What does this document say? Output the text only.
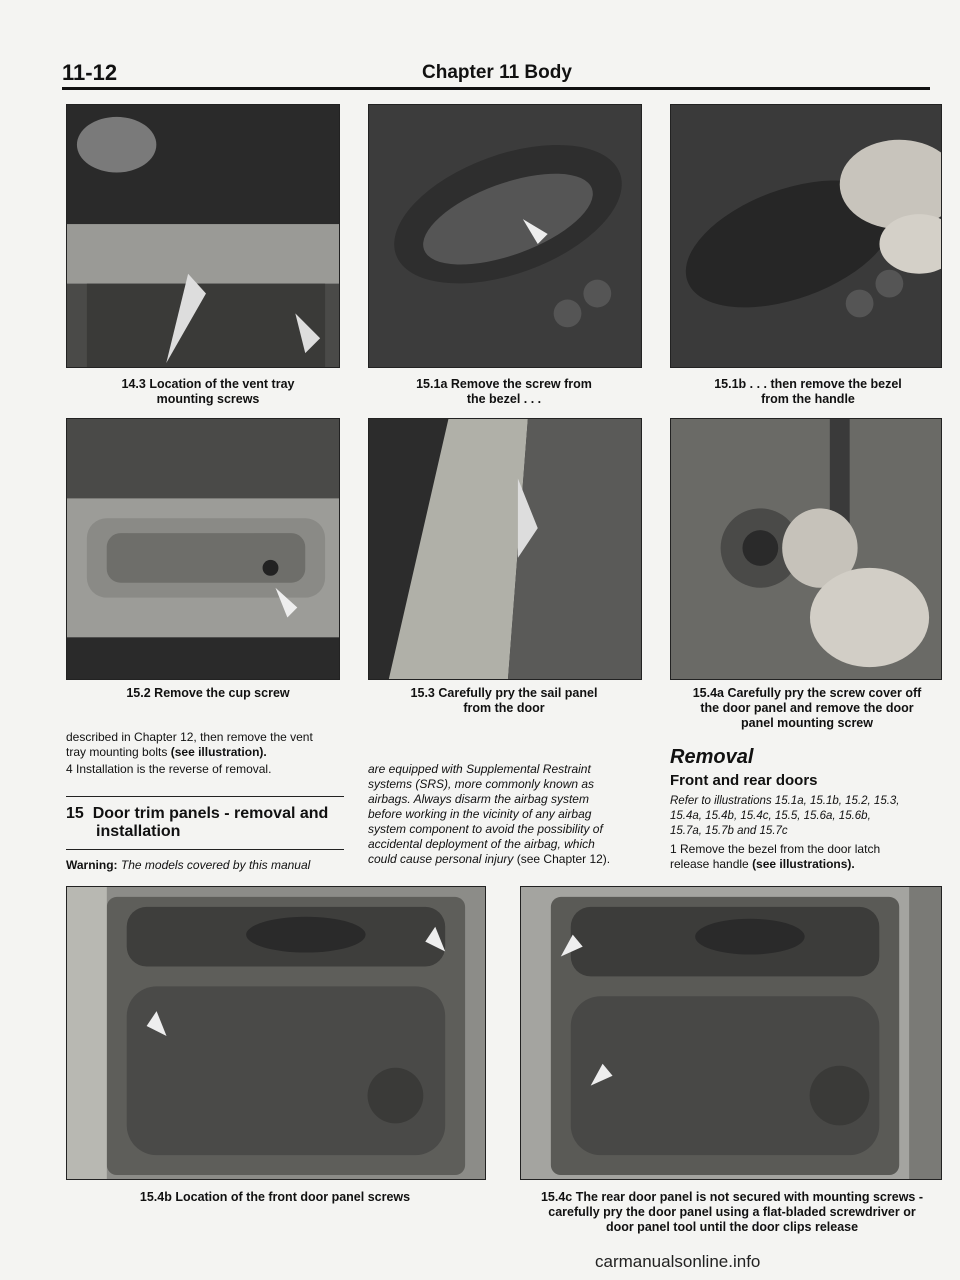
11-12	Chapter 11 Body
14.3 Location of the vent tray
mounting screws
15.1a Remove the screw from
the bezel . . .
15.1b . . . then remove the bezel
from the handle
15.2 Remove the cup screw	15.3 Carefully pry the sail panel
from the door
15.4a Carefully pry the screw cover off
the door panel and remove the door
panel mounting screw
described in Chapter 12, then remove the vent
tray mounting bolts (see illustration).
4 Installation is the reverse of removal.
15 Door trim panels - removal and
installation
Warning: The models covered by this manual
are equipped with Supplemental Restraint
systems (SRS), more commonly known as
airbags. Always disarm the airbag system
before working in the vicinity of any airbag
system component to avoid the possibility of
accidental deployment of the airbag, which
could cause personal injury (see Chapter 12).
Removal
Front and rear doors
Refer to illustrations 15.1a, 15.1b, 15.2, 15.3,
15.4a, 15.4b, 15.4c, 15.5, 15.6a, 15.6b,
15.7a, 15.7b and 15.7c
1 Remove the bezel from the door latch
release handle (see illustrations).
15.4b Location of the front door panel screws	15.4c The rear door panel is not secured with mounting screws -
carefully pry the door panel using a flat-bladed screwdriver or
door panel tool until the door clips release
carmanualsonline.info
